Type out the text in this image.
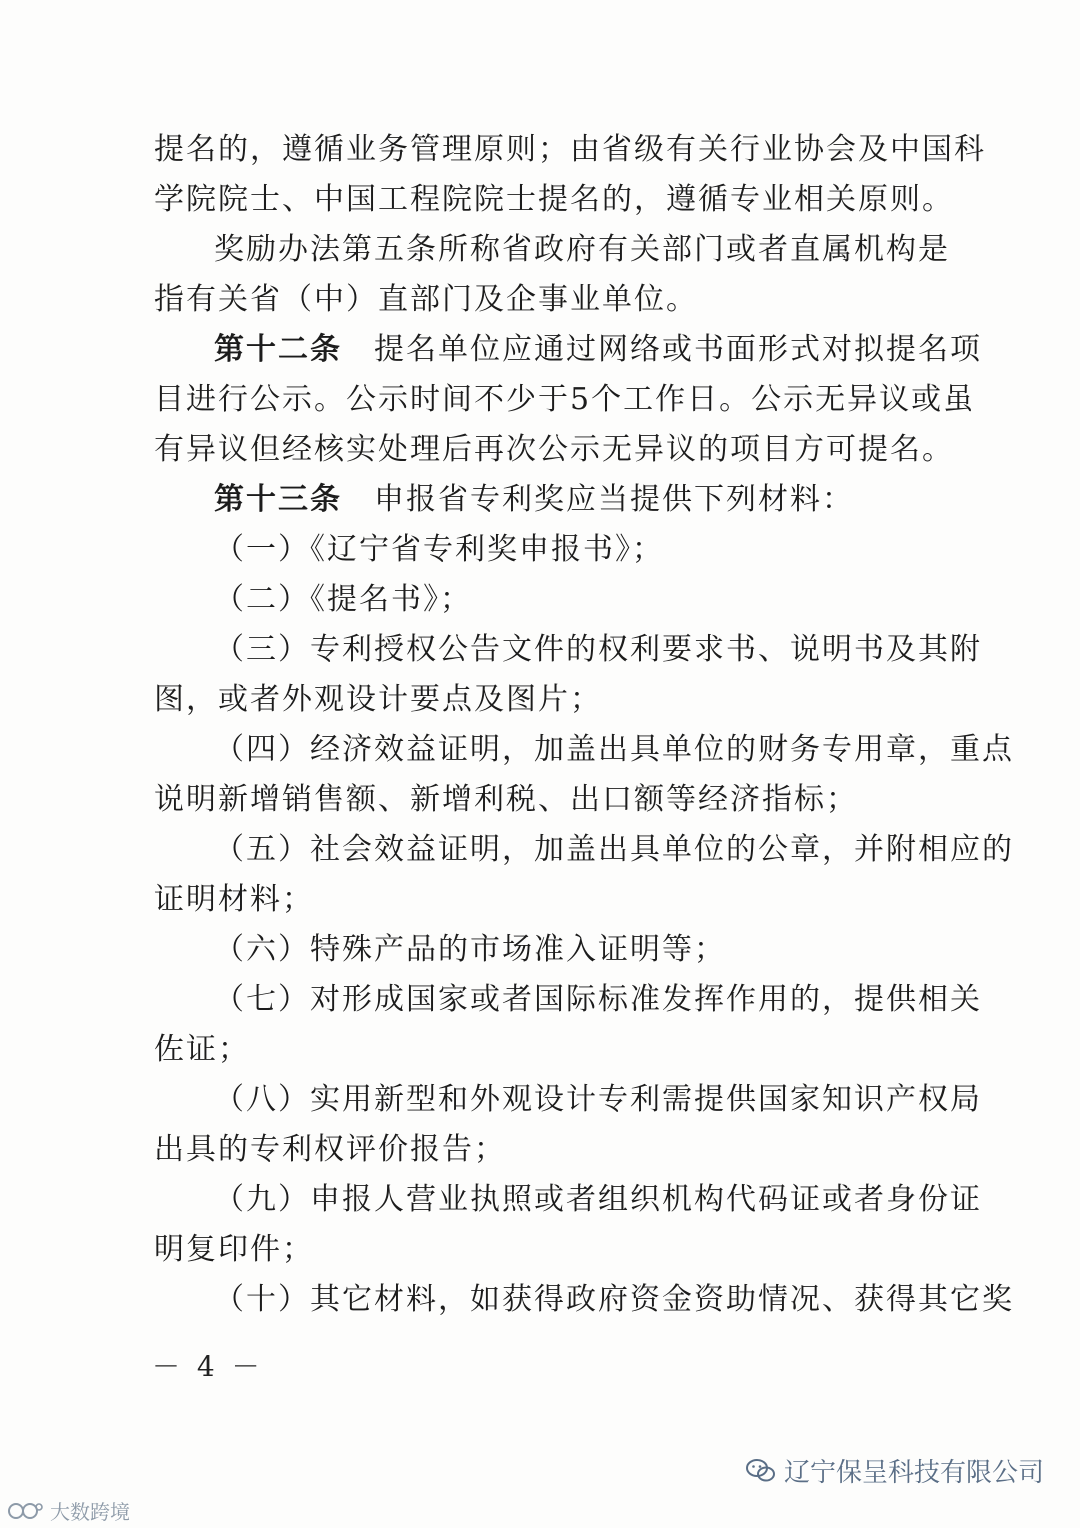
提名的，遵循业务管理原则；由省级有关行业协会及中国科
学院院士、中国工程院院士提名的，遵循专业相关原则。
奖励办法第五条所称省政府有关部门或者直属机构是
指有关省（中）直部门及企事业单位。
第十二条　 提名单位应通过网络或书面形式对拟提名项
目进行公示。公示时间不少于5个工作日。公示无异议或虽
有异议但经核实处理后再次公示无异议的项目方可提名。
第十三条　 申报省专利奖应当提供下列材料：
（一）《辽宁省专利奖申报书》；
（二）《提名书》；
（三）专利授权公告文件的权利要求书、说明书及其附
图，或者外观设计要点及图片；
（四）经济效益证明，加盖出具单位的财务专用章，重点
说明新增销售额、新增利税、出口额等经济指标；
（五）社会效益证明，加盖出具单位的公章，并附相应的
证明材料；
（六）特殊产品的市场准入证明等；
（七）对形成国家或者国际标准发挥作用的，提供相关
佐证；
（八）实用新型和外观设计专利需提供国家知识产权局
出具的专利权评价报告；
（九）申报人营业执照或者组织机构代码证或者身份证
明复印件；
（十）其它材料，如获得政府资金资助情况、获得其它奖
－ 4 －
辽宁保呈科技有限公司
大数跨境
